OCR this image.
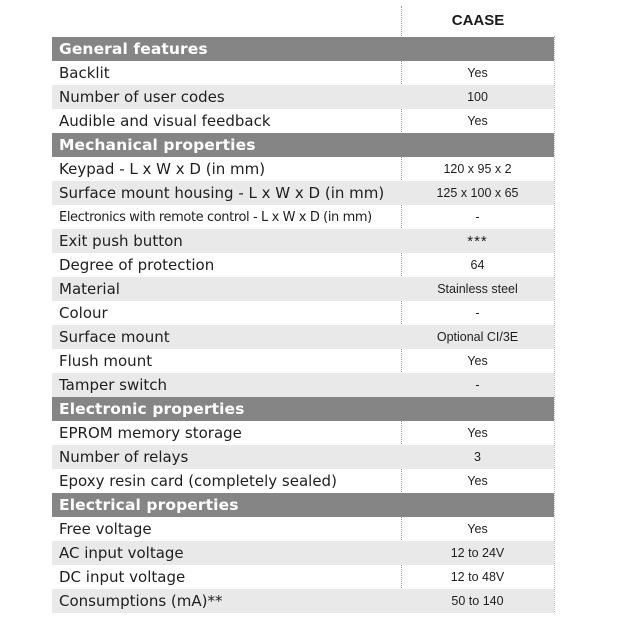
CAASE
General features
Backlit	Yes
Number of user codes	100
Audible and visual feedback	Yes
Mechanical properties
Keypad - L x W x D (in mm)	120 x 95 x 2
Surface mount housing - L x W x D (in mm)	125 x 100 x 65
Electronics with remote control - L x W x D (in mm)	-
Exit push button	***
Degree of protection	64
Material	Stainless steel
Colour	-
Surface mount	Optional CI/3E
Flush mount	Yes
Tamper switch	-
Electronic properties
EPROM memory storage	Yes
Number of relays	3
Epoxy resin card (completely sealed)	Yes
Electrical properties
Free voltage	Yes
AC input voltage	12 to 24V
DC input voltage	12 to 48V
Consumptions (mA)**	50 to 140
